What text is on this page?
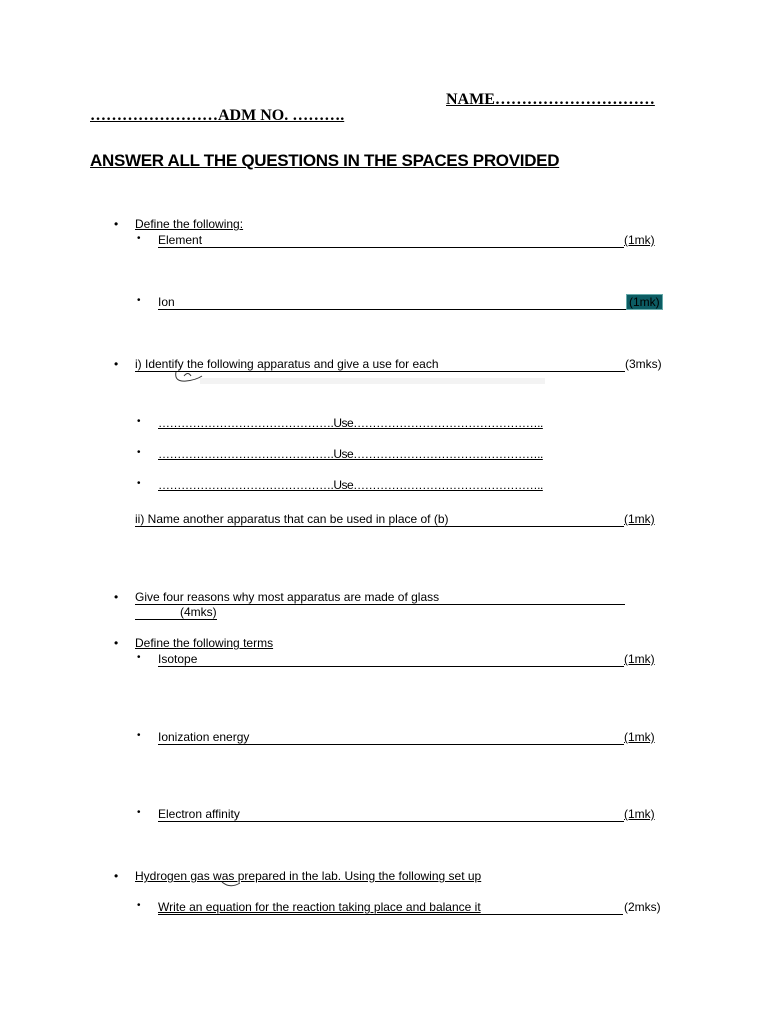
NAME…………………………
……………………ADM NO. ……….
ANSWER ALL THE QUESTIONS IN THE SPACES PROVIDED
• Define the following:
• Element	(1mk)
• Ion	(1mk)
• i) Identify the following apparatus and give a use for each	(3mks)
• ……………………………………….Use…………………………………………..
• ……………………………………….Use…………………………………………..
• ……………………………………….Use…………………………………………..
ii) Name another apparatus that can be used in place of (b)	(1mk)
• Give four reasons why most apparatus are made of glass
(4mks)
• Define the following terms
• Isotope	(1mk)
• Ionization energy	(1mk)
• Electron affinity	(1mk)
• Hydrogen gas was prepared in the lab. Using the following set up
• Write an equation for the reaction taking place and balance it	(2mks)
